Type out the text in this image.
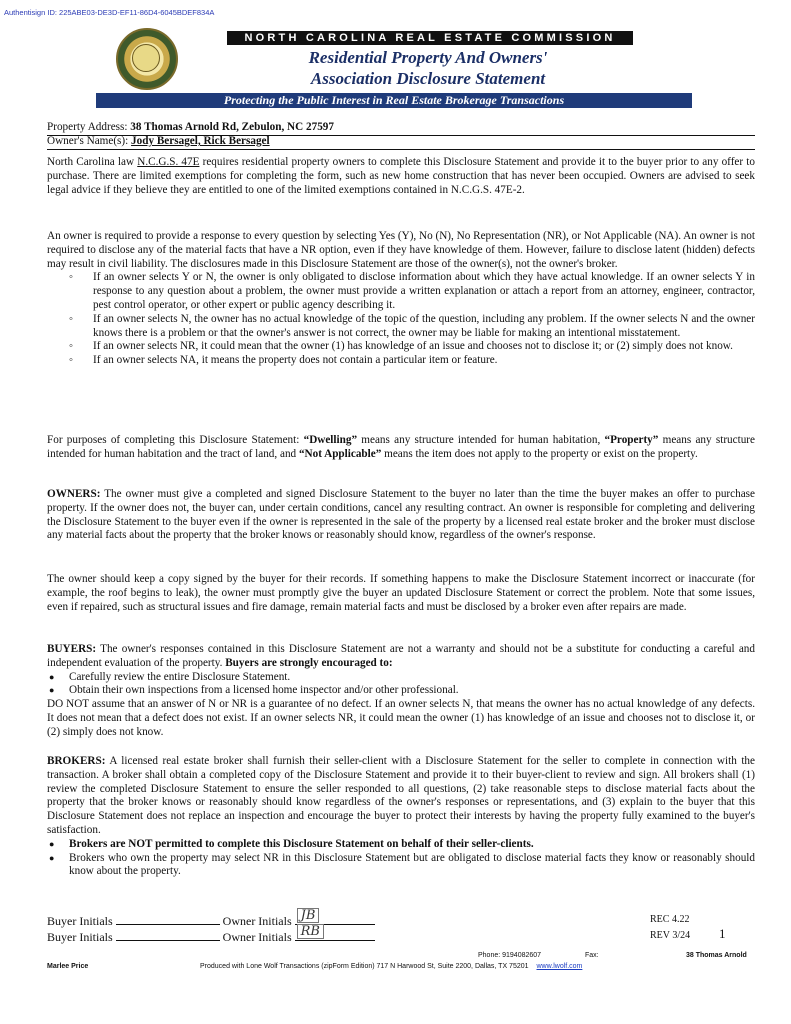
Authentisign ID: 225ABE03-DE3D-EF11-86D4-6045BDEF834A
NORTH CAROLINA REAL ESTATE COMMISSION
Residential Property And Owners'
Association Disclosure Statement
Protecting the Public Interest in Real Estate Brokerage Transactions
Property Address: 38 Thomas Arnold Rd, Zebulon, NC 27597
Owner's Name(s): Jody Bersagel, Rick Bersagel
North Carolina law N.C.G.S. 47E requires residential property owners to complete this Disclosure Statement and provide it to the buyer prior to any offer to purchase. There are limited exemptions for completing the form, such as new home construction that has never been occupied. Owners are advised to seek legal advice if they believe they are entitled to one of the limited exemptions contained in N.C.G.S. 47E-2.
An owner is required to provide a response to every question by selecting Yes (Y), No (N), No Representation (NR), or Not Applicable (NA). An owner is not required to disclose any of the material facts that have a NR option, even if they have knowledge of them. However, failure to disclose latent (hidden) defects may result in civil liability. The disclosures made in this Disclosure Statement are those of the owner(s), not the owner's broker.
◦ If an owner selects Y or N, the owner is only obligated to disclose information about which they have actual knowledge. If an owner selects Y in response to any question about a problem, the owner must provide a written explanation or attach a report from an attorney, engineer, contractor, pest control operator, or other expert or public agency describing it.
◦ If an owner selects N, the owner has no actual knowledge of the topic of the question, including any problem. If the owner selects N and the owner knows there is a problem or that the owner's answer is not correct, the owner may be liable for making an intentional misstatement.
◦ If an owner selects NR, it could mean that the owner (1) has knowledge of an issue and chooses not to disclose it; or (2) simply does not know.
◦ If an owner selects NA, it means the property does not contain a particular item or feature.
For purposes of completing this Disclosure Statement: “Dwelling” means any structure intended for human habitation, “Property” means any structure intended for human habitation and the tract of land, and “Not Applicable” means the item does not apply to the property or exist on the property.
OWNERS: The owner must give a completed and signed Disclosure Statement to the buyer no later than the time the buyer makes an offer to purchase property. If the owner does not, the buyer can, under certain conditions, cancel any resulting contract. An owner is responsible for completing and delivering the Disclosure Statement to the buyer even if the owner is represented in the sale of the property by a licensed real estate broker and the broker must disclose any material facts about the property that the broker knows or reasonably should know, regardless of the owner's response.
The owner should keep a copy signed by the buyer for their records. If something happens to make the Disclosure Statement incorrect or inaccurate (for example, the roof begins to leak), the owner must promptly give the buyer an updated Disclosure Statement or correct the problem. Note that some issues, even if repaired, such as structural issues and fire damage, remain material facts and must be disclosed by a broker even after repairs are made.
BUYERS: The owner's responses contained in this Disclosure Statement are not a warranty and should not be a substitute for conducting a careful and independent evaluation of the property. Buyers are strongly encouraged to:
● Carefully review the entire Disclosure Statement.
● Obtain their own inspections from a licensed home inspector and/or other professional.
DO NOT assume that an answer of N or NR is a guarantee of no defect. If an owner selects N, that means the owner has no actual knowledge of any defects. It does not mean that a defect does not exist. If an owner selects NR, it could mean the owner (1) has knowledge of an issue and chooses not to disclose it, or (2) simply does not know.
BROKERS: A licensed real estate broker shall furnish their seller-client with a Disclosure Statement for the seller to complete in connection with the transaction. A broker shall obtain a completed copy of the Disclosure Statement and provide it to their buyer-client to review and sign. All brokers shall (1) review the completed Disclosure Statement to ensure the seller responded to all questions, (2) take reasonable steps to disclose material facts about the property that the broker knows or reasonably should know regardless of the owner's responses or representations, and (3) explain to the buyer that this Disclosure Statement does not replace an inspection and encourage the buyer to protect their interests by having the property fully examined to the buyer's satisfaction.
● Brokers are NOT permitted to complete this Disclosure Statement on behalf of their seller-clients.
● Brokers who own the property may select NR in this Disclosure Statement but are obligated to disclose material facts they know or reasonably should know about the property.
Buyer Initials	Owner Initials JB
Buyer Initials	Owner Initials RB
REC 4.22
REV 3/24 1
Phone: 9194082607	Fax:	38 Thomas Arnold
Marlee Price	Produced with Lone Wolf Transactions (zipForm Edition) 717 N Harwood St, Suite 2200, Dallas, TX 75201 www.lwolf.com
